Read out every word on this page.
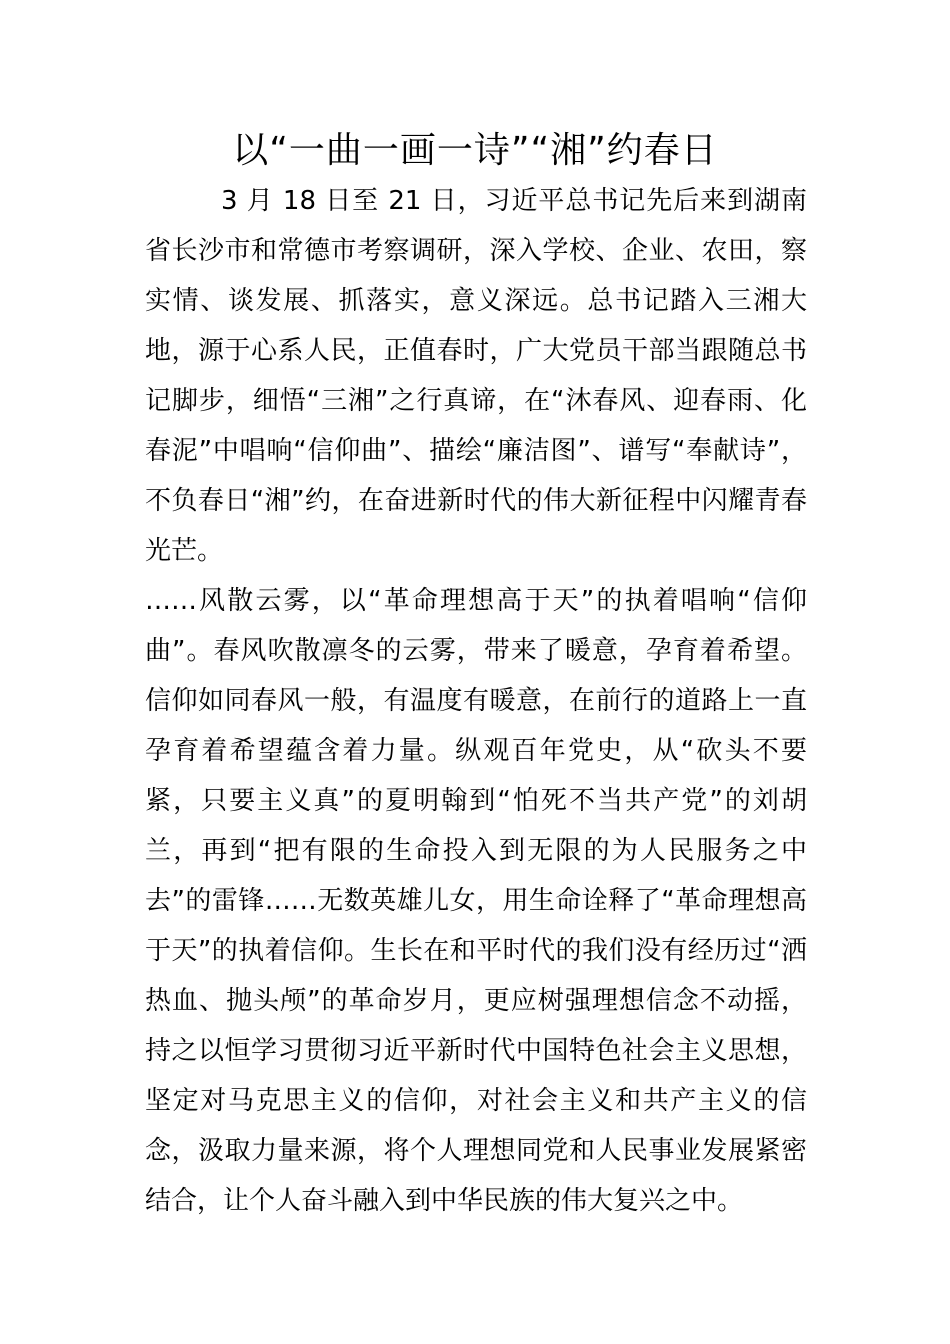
以“一曲一画一诗”“湘”约春日

3 月 18 日至 21 日，习近平总书记先后来到湖南省长沙市和常德市考察调研，深入学校、企业、农田，察实情、谈发展、抓落实，意义深远。总书记踏入三湘大地，源于心系人民，正值春时，广大党员干部当跟随总书记脚步，细悟“三湘”之行真谛，在“沐春风、迎春雨、化春泥”中唱响“信仰曲”、描绘“廉洁图”、谱写“奉献诗”，不负春日“湘”约，在奋进新时代的伟大新征程中闪耀青春光芒。

……风散云雾，以“革命理想高于天”的执着唱响“信仰曲”。春风吹散凛冬的云雾，带来了暖意，孕育着希望。信仰如同春风一般，有温度有暖意，在前行的道路上一直孕育着希望蕴含着力量。纵观百年党史，从“砍头不要紧，只要主义真”的夏明翰到“怕死不当共产党”的刘胡兰，再到“把有限的生命投入到无限的为人民服务之中去”的雷锋……无数英雄儿女，用生命诠释了“革命理想高于天”的执着信仰。生长在和平时代的我们没有经历过“洒热血、抛头颅”的革命岁月，更应树强理想信念不动摇，持之以恒学习贯彻习近平新时代中国特色社会主义思想，坚定对马克思主义的信仰，对社会主义和共产主义的信念，汲取力量来源，将个人理想同党和人民事业发展紧密结合，让个人奋斗融入到中华民族的伟大复兴之中。
